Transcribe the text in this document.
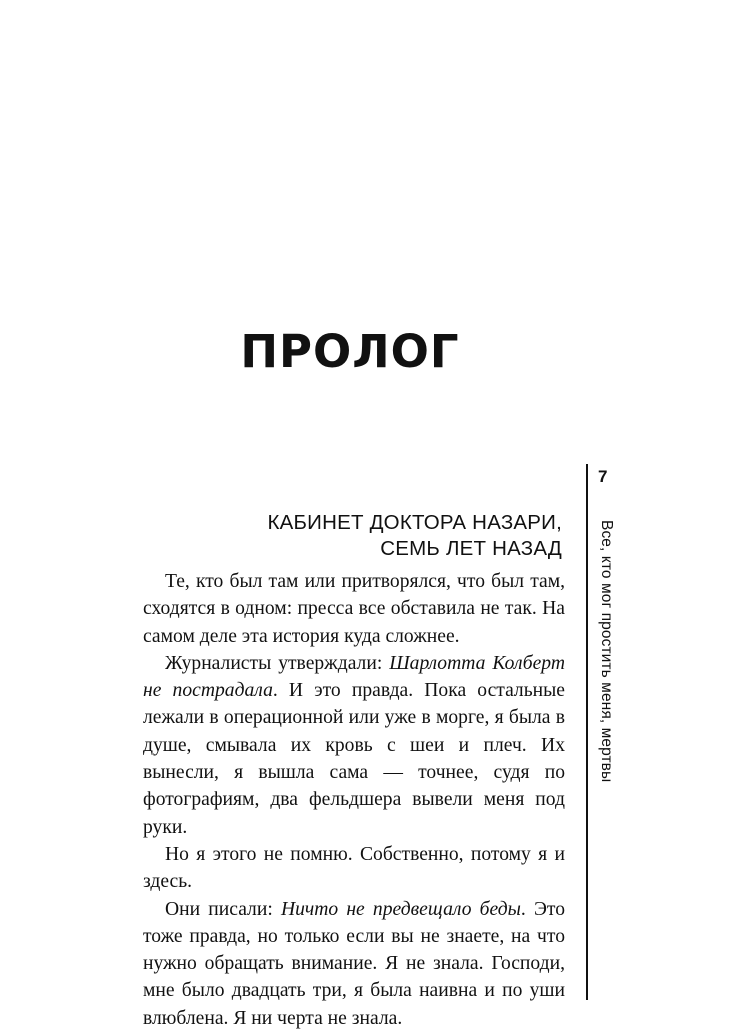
ПРОЛОГ
КАБИНЕТ ДОКТОРА НАЗАРИ,
СЕМЬ ЛЕТ НАЗАД

Те, кто был там или притворялся, что был там, сходятся в одном: пресса все обставила не так. На самом деле эта история куда сложнее.

Журналисты утверждали: Шарлотта Колберт не пострадала. И это правда. Пока остальные лежали в операционной или уже в морге, я была в душе, смывала их кровь с шеи и плеч. Их вынесли, я вышла сама — точнее, судя по фотографиям, два фельдшера вывели меня под руки.

Но я этого не помню. Собственно, потому я и здесь.

Они писали: Ничто не предвещало беды. Это тоже правда, но только если вы не знаете, на что нужно обращать внимание. Я не знала. Господи, мне было двадцать три, я была наивна и по уши влюблена. Я ни черта не знала.

7
Все, кто мог простить меня, мертвы
